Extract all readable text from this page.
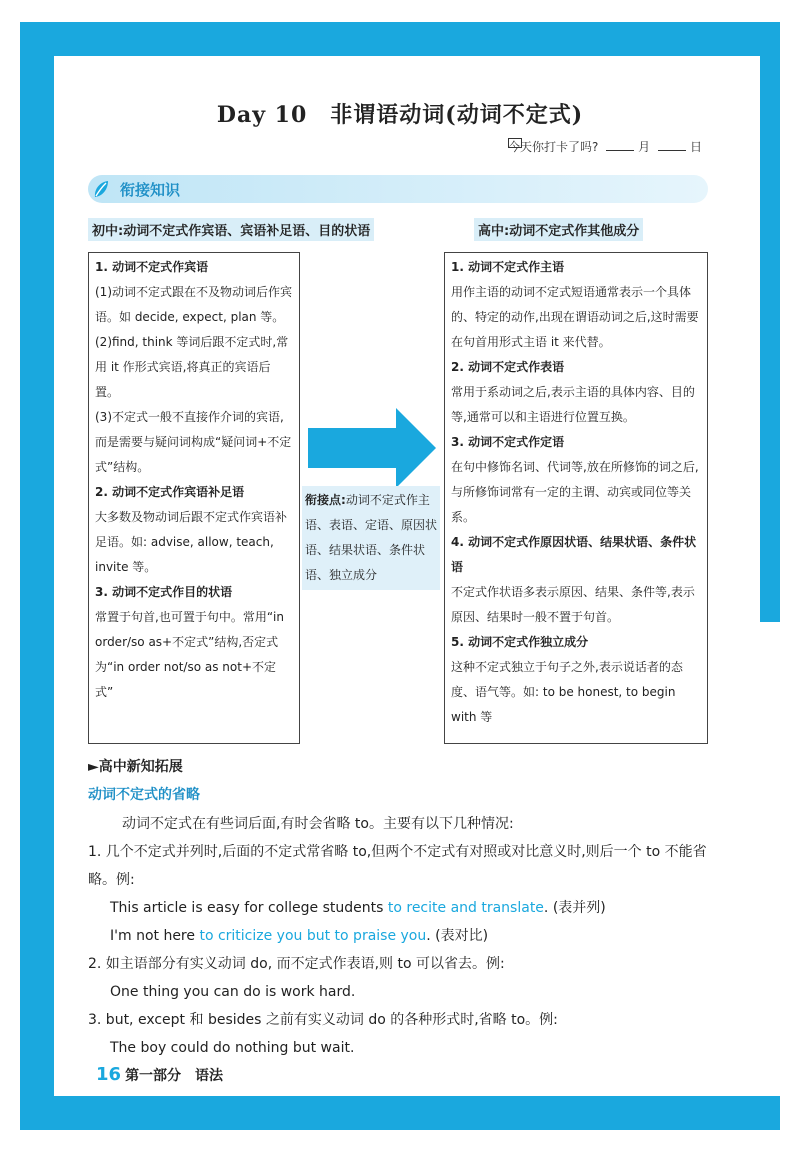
Day 10　非谓语动词(动词不定式)
今天你打卡了吗?	月	日
衔接知识
初中:动词不定式作宾语、宾语补足语、目的状语	高中:动词不定式作其他成分

1. 动词不定式作宾语

(1)动词不定式跟在不及物动词后作宾语。如 decide, expect, plan 等。

(2)find, think 等词后跟不定式时,常用 it 作形式宾语,将真正的宾语后置。

(3)不定式一般不直接作介词的宾语,而是需要与疑问词构成“疑问词+不定式”结构。

2. 动词不定式作宾语补足语

大多数及物动词后跟不定式作宾语补足语。如: advise, allow, teach, invite 等。

3. 动词不定式作目的状语

常置于句首,也可置于句中。常用“in order/so as+不定式”结构,否定式为“in order not/so as not+不定式”

衔接点:动词不定式作主语、表语、定语、原因状语、结果状语、条件状语、独立成分

1. 动词不定式作主语

用作主语的动词不定式短语通常表示一个具体的、特定的动作,出现在谓语动词之后,这时需要在句首用形式主语 it 来代替。

2. 动词不定式作表语

常用于系动词之后,表示主语的具体内容、目的等,通常可以和主语进行位置互换。

3. 动词不定式作定语

在句中修饰名词、代词等,放在所修饰的词之后,与所修饰词常有一定的主谓、动宾或同位等关系。

4. 动词不定式作原因状语、结果状语、条件状语

不定式作状语多表示原因、结果、条件等,表示原因、结果时一般不置于句首。

5. 动词不定式作独立成分

这种不定式独立于句子之外,表示说话者的态度、语气等。如: to be honest, to begin with 等

►高中新知拓展
动词不定式的省略

动词不定式在有些词后面,有时会省略 to。主要有以下几种情况:

1. 几个不定式并列时,后面的不定式常省略 to,但两个不定式有对照或对比意义时,则后一个 to 不能省略。例:

This article is easy for college students to recite and translate. (表并列)

I'm not here to criticize you but to praise you. (表对比)

2. 如主语部分有实义动词 do, 而不定式作表语,则 to 可以省去。例:

One thing you can do is work hard.

3. but, except 和 besides 之前有实义动词 do 的各种形式时,省略 to。例:

The boy could do nothing but wait.

16 第一部分　语法
